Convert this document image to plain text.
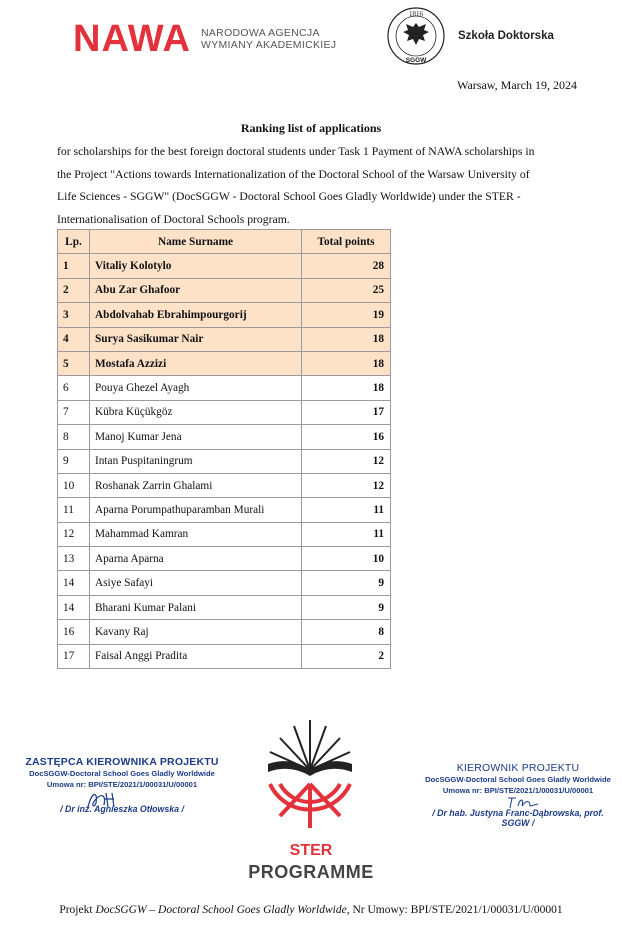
NAWA NARODOWA AGENCJA
WYMIANY AKADEMICKIEJ
1816
SGGW
Szkoła Doktorska
Warsaw, March 19, 2024
Ranking list of applications
for scholarships for the best foreign doctoral students under Task 1 Payment of NAWA scholarships in
the Project "Actions towards Internationalization of the Doctoral School of the Warsaw University of
Life Sciences - SGGW" (DocSGGW - Doctoral School Goes Gladly Worldwide) under the STER -
Internationalisation of Doctoral Schools program.
Lp.	Name Surname	Total points
1	Vitaliy Kolotylo	28
2	Abu Zar Ghafoor	25
3	Abdolvahab Ebrahimpourgorij	19
4	Surya Sasikumar Nair	18
5	Mostafa Azzizi	18
6	Pouya Ghezel Ayagh	18
7	Kübra Küçükgöz	17
8	Manoj Kumar Jena	16
9	Intan Puspitaningrum	12
10	Roshanak Zarrin Ghalami	12
11	Aparna Porumpathuparamban Murali	11
12	Mahammad Kamran	11
13	Aparna Aparna	10
14	Asiye Safayi	9
14	Bharani Kumar Palani	9
16	Kavany Raj	8
17	Faisal Anggi Pradita	2
ZASTĘPCA KIEROWNIKA PROJEKTU
DocSGGW-Doctoral School Goes Gladly Worldwide
Umowa nr: BPI/STE/2021/1/00031/U/00001
/ Dr inż. Agnieszka Otłowska /
KIEROWNIK PROJEKTU
DocSGGW-Doctoral School Goes Gladly Worldwide
Umowa nr: BPI/STE/2021/1/00031/U/00001
/ Dr hab. Justyna Franc-Dąbrowska, prof. SGGW /
STER
PROGRAMME
Projekt DocSGGW – Doctoral School Goes Gladly Worldwide, Nr Umowy: BPI/STE/2021/1/00031/U/00001
